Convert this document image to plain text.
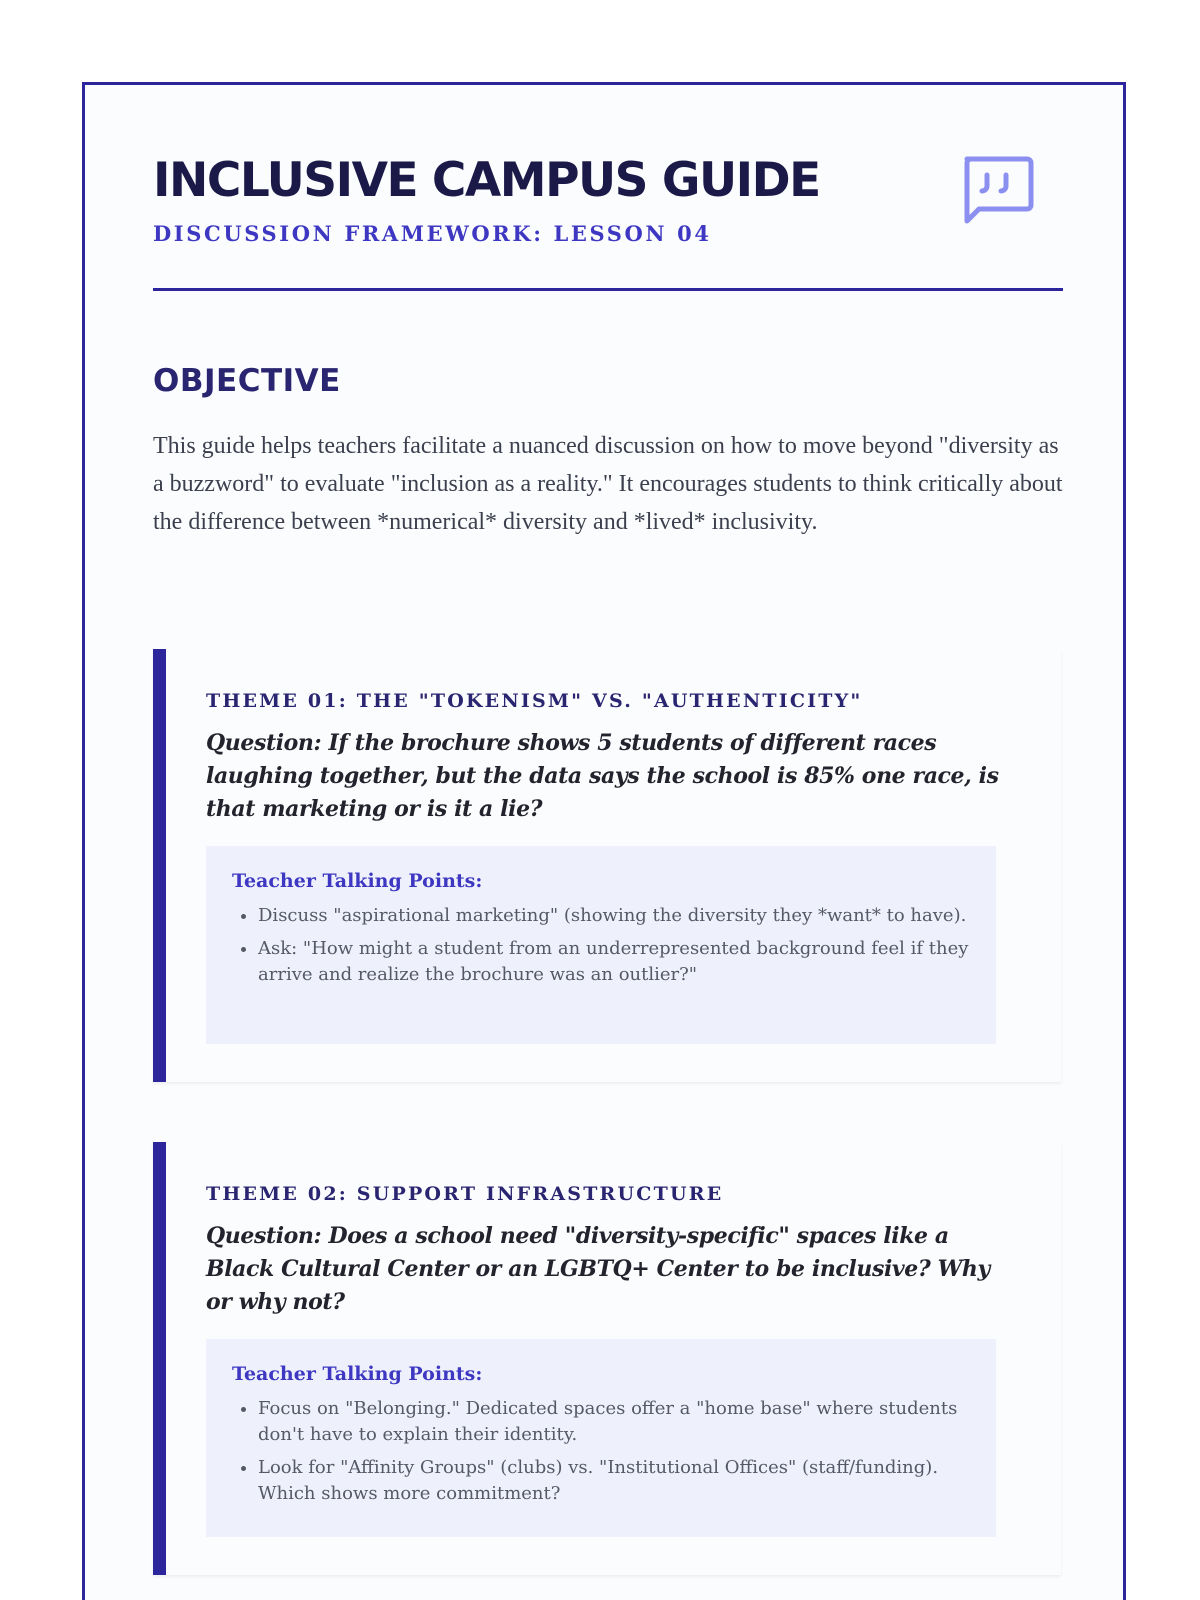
INCLUSIVE CAMPUS GUIDE
DISCUSSION FRAMEWORK: LESSON 04
OBJECTIVE

This guide helps teachers facilitate a nuanced discussion on how to move beyond "diversity as a buzzword" to evaluate "inclusion as a reality." It encourages students to think critically about the difference between *numerical* diversity and *lived* inclusivity.

THEME 01: THE "TOKENISM" VS. "AUTHENTICITY"

Question: If the brochure shows 5 students of different races laughing together, but the data says the school is 85% one race, is that marketing or is it a lie?

Teacher Talking Points:
• Discuss "aspirational marketing" (showing the diversity they *want* to have).
• Ask: "How might a student from an underrepresented background feel if they arrive and realize the brochure was an outlier?"
THEME 02: SUPPORT INFRASTRUCTURE

Question: Does a school need "diversity-specific" spaces like a Black Cultural Center or an LGBTQ+ Center to be inclusive? Why or why not?

Teacher Talking Points:
• Focus on "Belonging." Dedicated spaces offer a "home base" where students don't have to explain their identity.
• Look for "Affinity Groups" (clubs) vs. "Institutional Offices" (staff/funding). Which shows more commitment?
